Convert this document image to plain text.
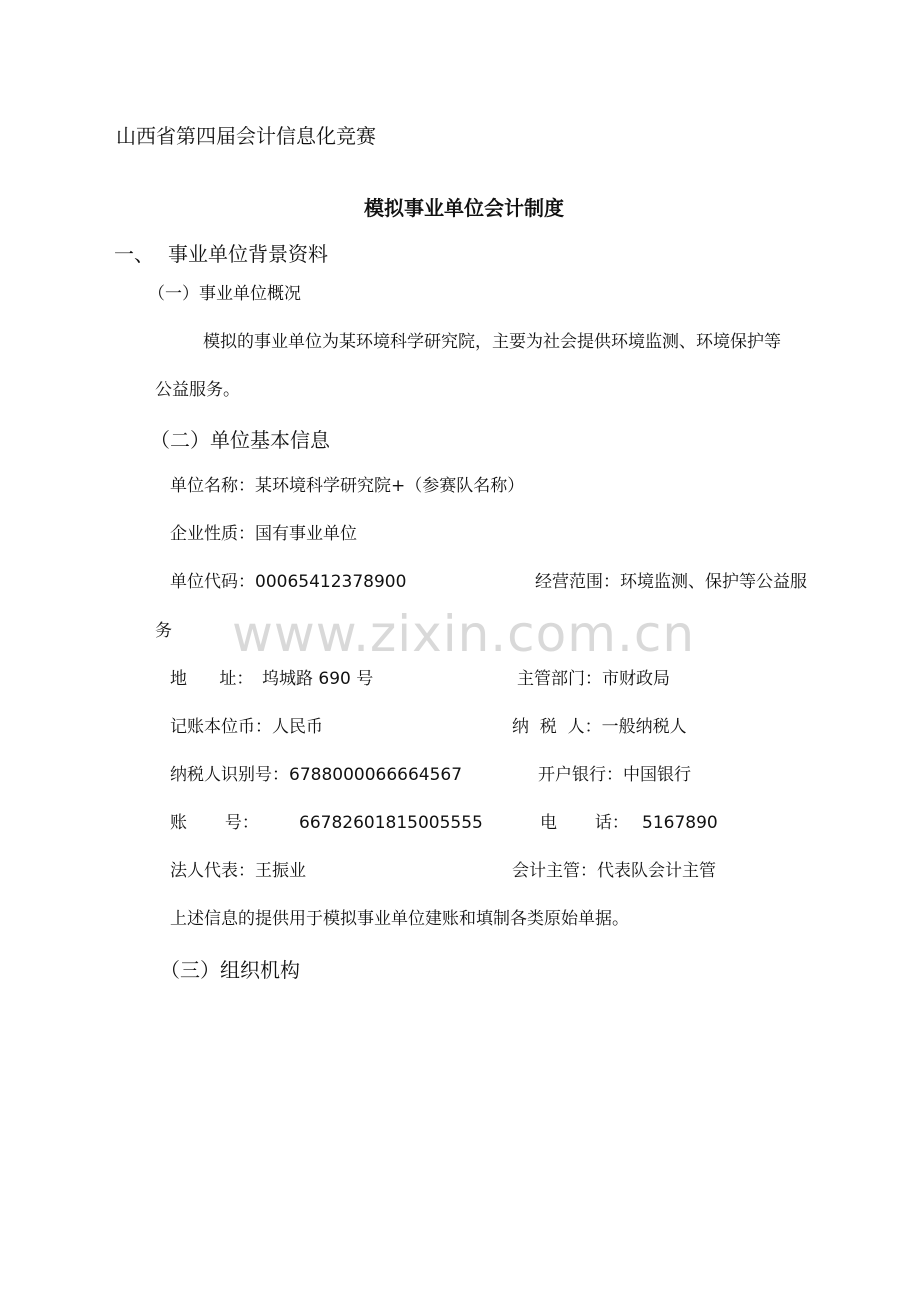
www.zixin.com.cn
山西省第四届会计信息化竞赛
模拟事业单位会计制度
一、 事业单位背景资料
（一）事业单位概况
模拟的事业单位为某环境科学研究院，主要为社会提供环境监测、环境保护等
公益服务。
（二）单位基本信息
单位名称：某环境科学研究院+（参赛队名称）
企业性质：国有事业单位
单位代码：00065412378900	经营范围：环境监测、保护等公益服
务
地      址： 坞城路 690 号	主管部门：市财政局
记账本位币：人民币	纳  税  人：一般纳税人
纳税人识别号：6788000066664567	开户银行：中国银行
账       号： 66782601815005555	电       话： 5167890
法人代表：王振业	会计主管：代表队会计主管
上述信息的提供用于模拟事业单位建账和填制各类原始单据。
（三）组织机构
